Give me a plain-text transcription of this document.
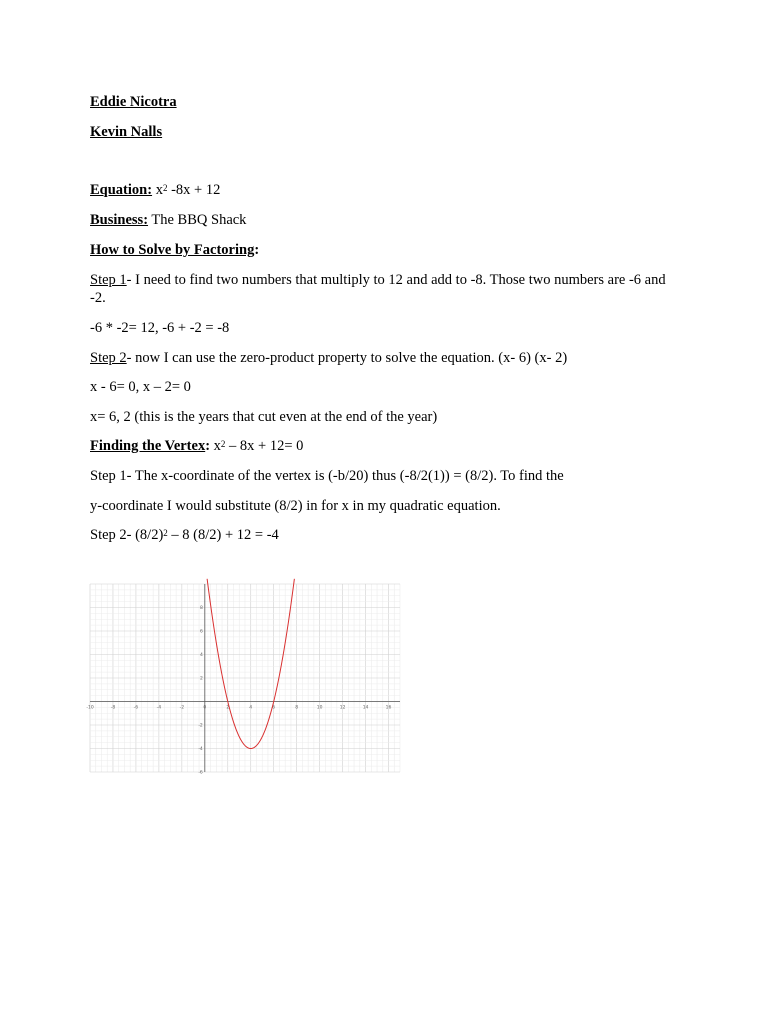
Eddie Nicotra
Kevin Nalls
Equation: $x^2$ -8x + 12
Business: The BBQ Shack
How to Solve by Factoring:
Step 1- I need to find two numbers that multiply to 12 and add to -8. Those two numbers are -6 and -2.
-6 * -2= 12, -6 + -2 = -8
Step 2- now I can use the zero-product property to solve the equation. (x- 6) (x- 2)
x - 6= 0, x – 2= 0
x= 6, 2 (this is the years that cut even at the end of the year)
Finding the Vertex: $x^2 - 8x + 12= 0$
Step 1- The x-coordinate of the vertex is (-b/20) thus (-8/2(1)) = (8/2). To find the
y-coordinate I would substitute (8/2) in for x in my quadratic equation.
Step 2- $(8/2)^2 - 8$ (8/2) + 12 = -4
-10	-8	-6	-4	-2	0	2	4	6	8	10	12	14	16
8
6
4
2
-2
-4
-6
